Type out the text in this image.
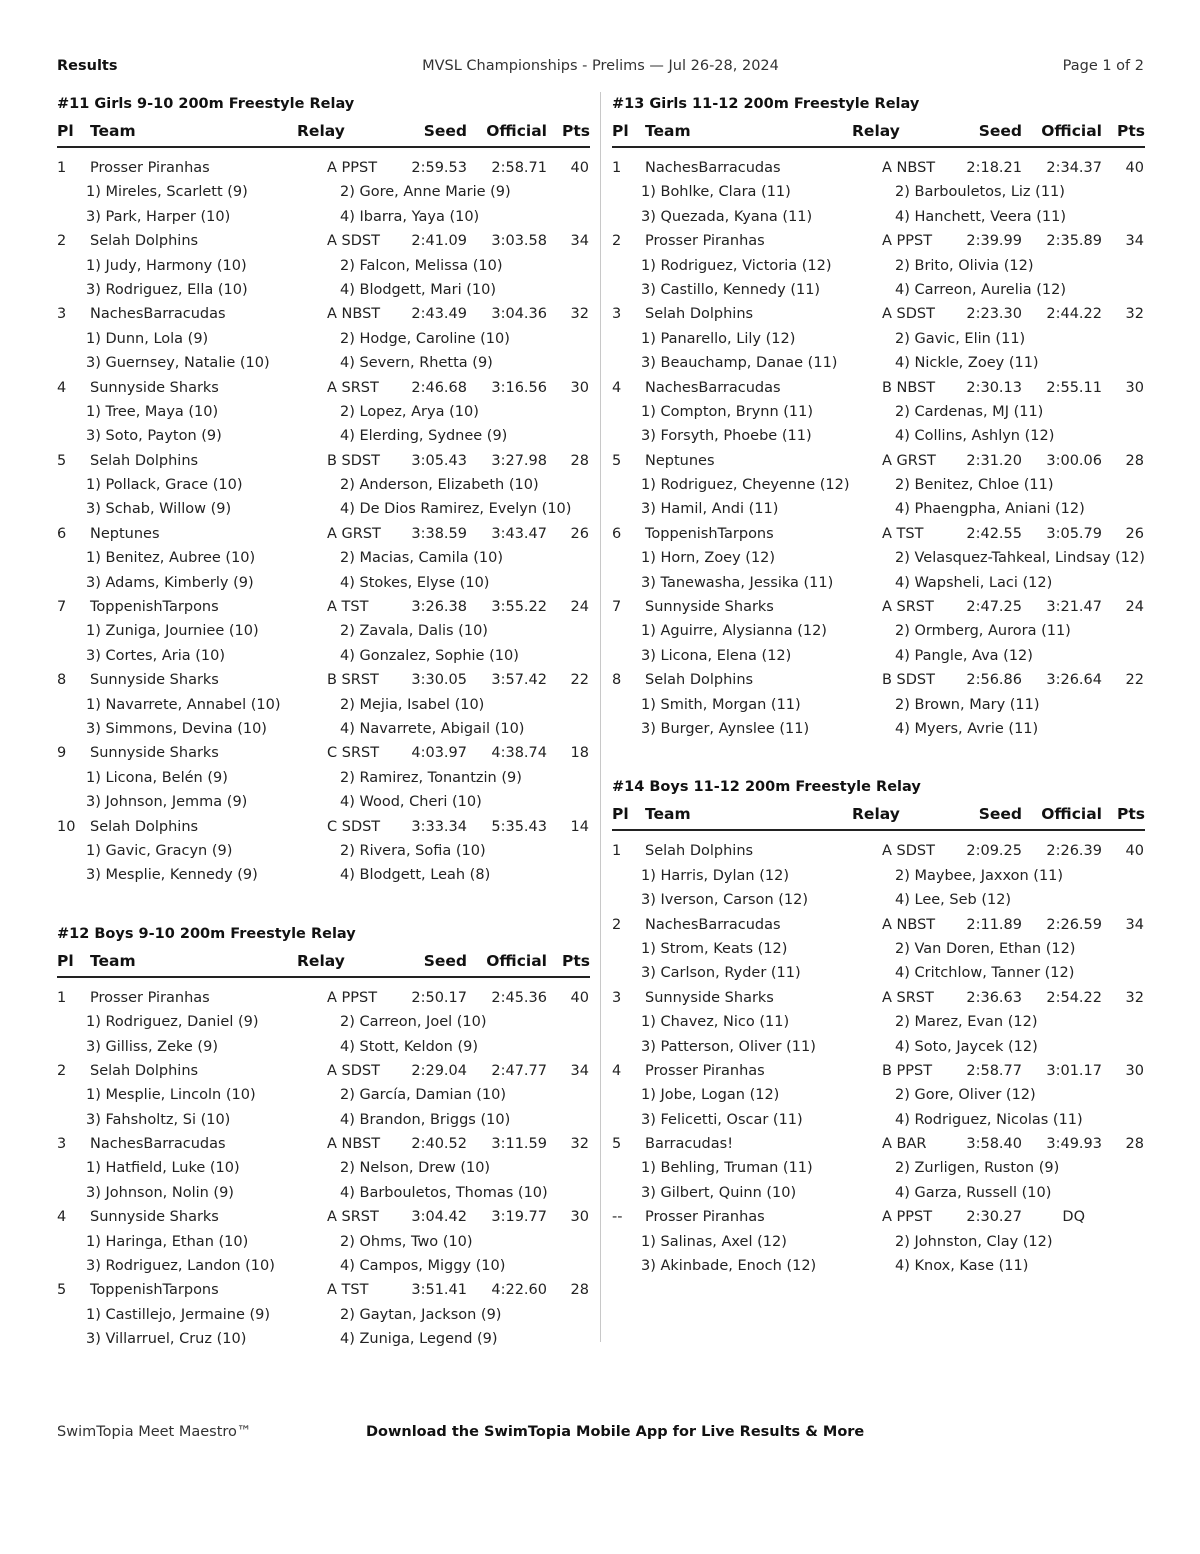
Results	MVSL Championships - Prelims — Jul 26-28, 2024	Page 1 of 2
#11 Girls 9-10 200m Freestyle Relay
Pl Team	Relay	Seed Official Pts
1 Prosser Piranhas	A PPST 2:59.53 2:58.71 40
1) Mireles, Scarlett (9)	2) Gore, Anne Marie (9)
3) Park, Harper (10)	4) Ibarra, Yaya (10)
2 Selah Dolphins	A SDST 2:41.09 3:03.58 34
1) Judy, Harmony (10)	2) Falcon, Melissa (10)
3) Rodriguez, Ella (10)	4) Blodgett, Mari (10)
3 NachesBarracudas	A NBST 2:43.49 3:04.36 32
1) Dunn, Lola (9)	2) Hodge, Caroline (10)
3) Guernsey, Natalie (10)	4) Severn, Rhetta (9)
4 Sunnyside Sharks	A SRST 2:46.68 3:16.56 30
1) Tree, Maya (10)	2) Lopez, Arya (10)
3) Soto, Payton (9)	4) Elerding, Sydnee (9)
5 Selah Dolphins	B SDST 3:05.43 3:27.98 28
1) Pollack, Grace (10)	2) Anderson, Elizabeth (10)
3) Schab, Willow (9)	4) De Dios Ramirez, Evelyn (10)
6 Neptunes	A GRST 3:38.59 3:43.47 26
1) Benitez, Aubree (10)	2) Macias, Camila (10)
3) Adams, Kimberly (9)	4) Stokes, Elyse (10)
7 ToppenishTarpons	A TST	3:26.38 3:55.22 24
1) Zuniga, Journiee (10)	2) Zavala, Dalis (10)
3) Cortes, Aria (10)	4) Gonzalez, Sophie (10)
8 Sunnyside Sharks	B SRST 3:30.05 3:57.42 22
1) Navarrete, Annabel (10)	2) Mejia, Isabel (10)
3) Simmons, Devina (10)	4) Navarrete, Abigail (10)
9 Sunnyside Sharks	C SRST 4:03.97 4:38.74 18
1) Licona, Belén (9)	2) Ramirez, Tonantzin (9)
3) Johnson, Jemma (9)	4) Wood, Cheri (10)
10 Selah Dolphins	C SDST 3:33.34 5:35.43 14
1) Gavic, Gracyn (9)	2) Rivera, Sofia (10)
3) Mesplie, Kennedy (9)	4) Blodgett, Leah (8)
#12 Boys 9-10 200m Freestyle Relay
Pl Team	Relay	Seed Official Pts
1 Prosser Piranhas	A PPST 2:50.17 2:45.36 40
1) Rodriguez, Daniel (9)	2) Carreon, Joel (10)
3) Gilliss, Zeke (9)	4) Stott, Keldon (9)
2 Selah Dolphins	A SDST 2:29.04 2:47.77 34
1) Mesplie, Lincoln (10)	2) García, Damian (10)
3) Fahsholtz, Si (10)	4) Brandon, Briggs (10)
3 NachesBarracudas	A NBST 2:40.52 3:11.59 32
1) Hatfield, Luke (10)	2) Nelson, Drew (10)
3) Johnson, Nolin (9)	4) Barbouletos, Thomas (10)
4 Sunnyside Sharks	A SRST 3:04.42 3:19.77 30
1) Haringa, Ethan (10)	2) Ohms, Two (10)
3) Rodriguez, Landon (10)	4) Campos, Miggy (10)
5 ToppenishTarpons	A TST	3:51.41 4:22.60 28
1) Castillejo, Jermaine (9)	2) Gaytan, Jackson (9)
3) Villarruel, Cruz (10)	4) Zuniga, Legend (9)
#13 Girls 11-12 200m Freestyle Relay
Pl Team	Relay	Seed Official Pts
1 NachesBarracudas	A NBST 2:18.21 2:34.37 40
1) Bohlke, Clara (11)	2) Barbouletos, Liz (11)
3) Quezada, Kyana (11)	4) Hanchett, Veera (11)
2 Prosser Piranhas	A PPST 2:39.99 2:35.89 34
1) Rodriguez, Victoria (12)	2) Brito, Olivia (12)
3) Castillo, Kennedy (11)	4) Carreon, Aurelia (12)
3 Selah Dolphins	A SDST 2:23.30 2:44.22 32
1) Panarello, Lily (12)	2) Gavic, Elin (11)
3) Beauchamp, Danae (11)	4) Nickle, Zoey (11)
4 NachesBarracudas	B NBST 2:30.13 2:55.11 30
1) Compton, Brynn (11)	2) Cardenas, MJ (11)
3) Forsyth, Phoebe (11)	4) Collins, Ashlyn (12)
5 Neptunes	A GRST 2:31.20 3:00.06 28
1) Rodriguez, Cheyenne (12)	2) Benitez, Chloe (11)
3) Hamil, Andi (11)	4) Phaengpha, Aniani (12)
6 ToppenishTarpons	A TST	2:42.55 3:05.79 26
1) Horn, Zoey (12)	2) Velasquez-Tahkeal, Lindsay (12)
3) Tanewasha, Jessika (11)	4) Wapsheli, Laci (12)
7 Sunnyside Sharks	A SRST 2:47.25 3:21.47 24
1) Aguirre, Alysianna (12)	2) Ormberg, Aurora (11)
3) Licona, Elena (12)	4) Pangle, Ava (12)
8 Selah Dolphins	B SDST 2:56.86 3:26.64 22
1) Smith, Morgan (11)	2) Brown, Mary (11)
3) Burger, Aynslee (11)	4) Myers, Avrie (11)
#14 Boys 11-12 200m Freestyle Relay
Pl Team	Relay	Seed Official Pts
1 Selah Dolphins	A SDST 2:09.25 2:26.39 40
1) Harris, Dylan (12)	2) Maybee, Jaxxon (11)
3) Iverson, Carson (12)	4) Lee, Seb (12)
2 NachesBarracudas	A NBST 2:11.89 2:26.59 34
1) Strom, Keats (12)	2) Van Doren, Ethan (12)
3) Carlson, Ryder (11)	4) Critchlow, Tanner (12)
3 Sunnyside Sharks	A SRST 2:36.63 2:54.22 32
1) Chavez, Nico (11)	2) Marez, Evan (12)
3) Patterson, Oliver (11)	4) Soto, Jaycek (12)
4 Prosser Piranhas	B PPST 2:58.77 3:01.17 30
1) Jobe, Logan (12)	2) Gore, Oliver (12)
3) Felicetti, Oscar (11)	4) Rodriguez, Nicolas (11)
5 Barracudas!	A BAR	3:58.40 3:49.93 28
1) Behling, Truman (11)	2) Zurligen, Ruston (9)
3) Gilbert, Quinn (10)	4) Garza, Russell (10)
-- Prosser Piranhas	A PPST 2:30.27	DQ
1) Salinas, Axel (12)	2) Johnston, Clay (12)
3) Akinbade, Enoch (12)	4) Knox, Kase (11)
SwimTopia Meet Maestro™	Download the SwimTopia Mobile App for Live Results & More
